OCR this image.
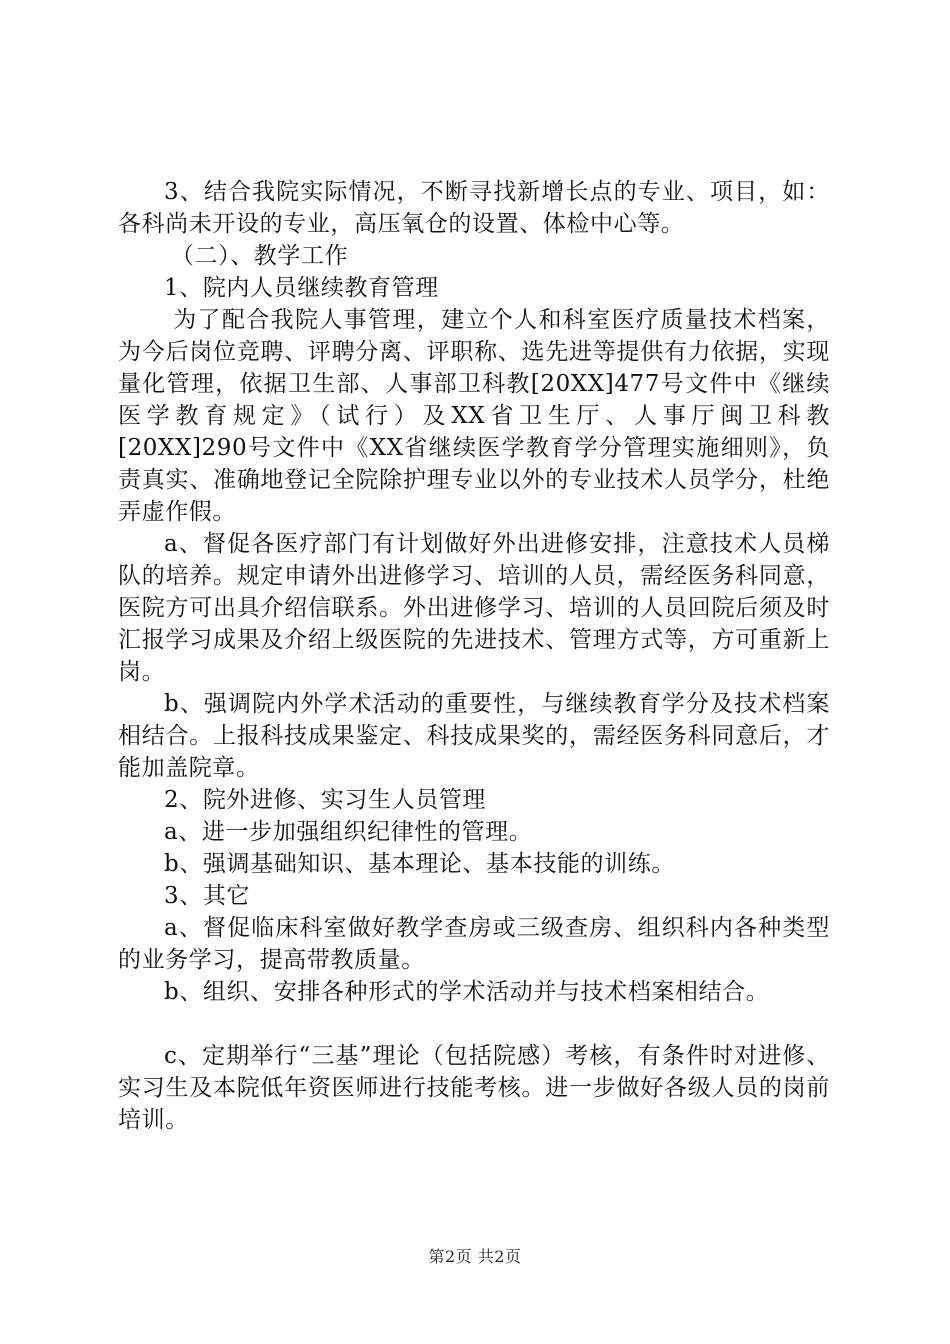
3、结合我院实际情况，不断寻找新增长点的专业、项目，如：各科尚未开设的专业，高压氧仓的设置、体检中心等。

（二）、教学工作

1、院内人员继续教育管理

为了配合我院人事管理，建立个人和科室医疗质量技术档案，为今后岗位竞聘、评聘分离、评职称、选先进等提供有力依据，实现量化管理，依据卫生部、人事部卫科教[20XX]477号文件中《继续医学教育规定》（试行）及XX省卫生厅、人事厅闽卫科教[20XX]290号文件中《XX省继续医学教育学分管理实施细则》，负责真实、准确地登记全院除护理专业以外的专业技术人员学分，杜绝弄虚作假。

a、督促各医疗部门有计划做好外出进修安排，注意技术人员梯队的培养。规定申请外出进修学习、培训的人员，需经医务科同意，医院方可出具介绍信联系。外出进修学习、培训的人员回院后须及时汇报学习成果及介绍上级医院的先进技术、管理方式等，方可重新上岗。

b、强调院内外学术活动的重要性，与继续教育学分及技术档案相结合。上报科技成果鉴定、科技成果奖的，需经医务科同意后，才能加盖院章。

2、院外进修、实习生人员管理

a、进一步加强组织纪律性的管理。

b、强调基础知识、基本理论、基本技能的训练。

3、其它

a、督促临床科室做好教学查房或三级查房、组织科内各种类型的业务学习，提高带教质量。

b、组织、安排各种形式的学术活动并与技术档案相结合。

c、定期举行“三基”理论（包括院感）考核，有条件时对进修、实习生及本院低年资医师进行技能考核。进一步做好各级人员的岗前培训。

第2页 共2页
